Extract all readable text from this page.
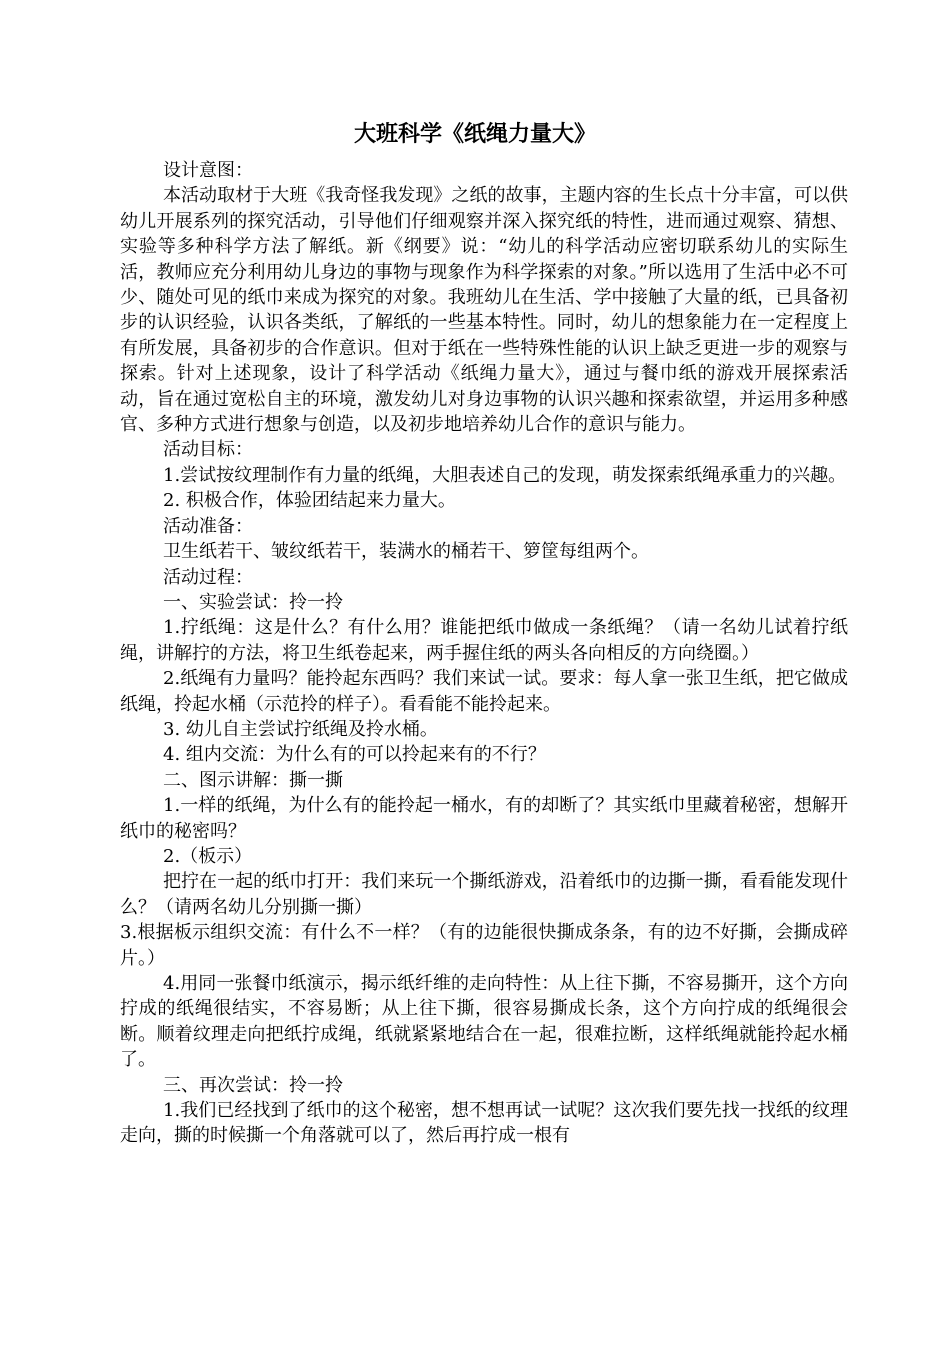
大班科学《纸绳力量大》

设计意图：

本活动取材于大班《我奇怪我发现》之纸的故事，主题内容的生长点十分丰富，可以供幼儿开展系列的探究活动，引导他们仔细观察并深入探究纸的特性，进而通过观察、猜想、实验等多种科学方法了解纸。新《纲要》说：“幼儿的科学活动应密切联系幼儿的实际生活，教师应充分利用幼儿身边的事物与现象作为科学探索的对象。”所以选用了生活中必不可少、随处可见的纸巾来成为探究的对象。我班幼儿在生活、学中接触了大量的纸，已具备初步的认识经验，认识各类纸，了解纸的一些基本特性。同时，幼儿的想象能力在一定程度上有所发展，具备初步的合作意识。但对于纸在一些特殊性能的认识上缺乏更进一步的观察与探索。针对上述现象，设计了科学活动《纸绳力量大》，通过与餐巾纸的游戏开展探索活动，旨在通过宽松自主的环境，激发幼儿对身边事物的认识兴趣和探索欲望，并运用多种感官、多种方式进行想象与创造，以及初步地培养幼儿合作的意识与能力。

活动目标：

1.尝试按纹理制作有力量的纸绳，大胆表述自己的发现，萌发探索纸绳承重力的兴趣。

2. 积极合作，体验团结起来力量大。

活动准备：

卫生纸若干、皱纹纸若干，装满水的桶若干、箩筐每组两个。

活动过程：

一、实验尝试：拎一拎

1.拧纸绳：这是什么？有什么用？谁能把纸巾做成一条纸绳？（请一名幼儿试着拧纸绳，讲解拧的方法，将卫生纸卷起来，两手握住纸的两头各向相反的方向绕圈。）

2.纸绳有力量吗？能拎起东西吗？我们来试一试。要求：每人拿一张卫生纸，把它做成纸绳，拎起水桶（示范拎的样子）。看看能不能拎起来。

3. 幼儿自主尝试拧纸绳及拎水桶。

4. 组内交流：为什么有的可以拎起来有的不行？

二、图示讲解：撕一撕

1.一样的纸绳，为什么有的能拎起一桶水，有的却断了？其实纸巾里藏着秘密，想解开纸巾的秘密吗？

2.（板示）

把拧在一起的纸巾打开：我们来玩一个撕纸游戏，沿着纸巾的边撕一撕，看看能发现什么？（请两名幼儿分别撕一撕）

3.根据板示组织交流：有什么不一样？（有的边能很快撕成条条，有的边不好撕，会撕成碎片。）

4.用同一张餐巾纸演示，揭示纸纤维的走向特性：从上往下撕，不容易撕开，这个方向拧成的纸绳很结实，不容易断；从上往下撕，很容易撕成长条，这个方向拧成的纸绳很会断。顺着纹理走向把纸拧成绳，纸就紧紧地结合在一起，很难拉断，这样纸绳就能拎起水桶了。

三、再次尝试：拎一拎

1.我们已经找到了纸巾的这个秘密，想不想再试一试呢？这次我们要先找一找纸的纹理走向，撕的时候撕一个角落就可以了，然后再拧成一根有
